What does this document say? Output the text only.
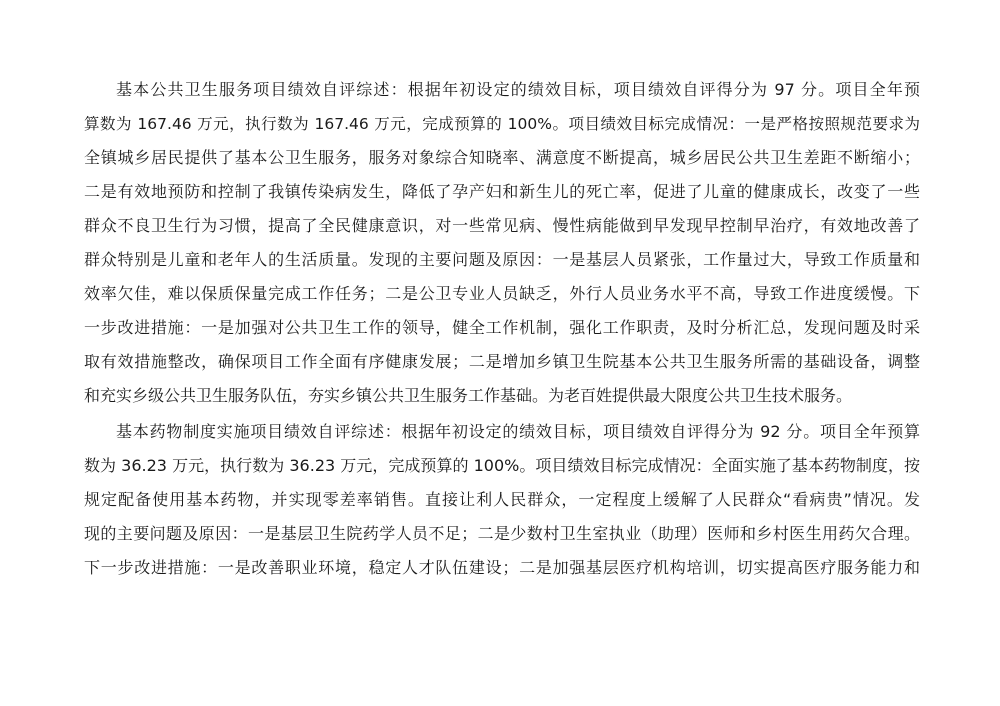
基本公共卫生服务项目绩效自评综述：根据年初设定的绩效目标，项目绩效自评得分为 97 分。项目全年预
算数为 167.46 万元，执行数为 167.46 万元，完成预算的 100%。项目绩效目标完成情况：一是严格按照规范要求为
全镇城乡居民提供了基本公卫生服务，服务对象综合知晓率、满意度不断提高，城乡居民公共卫生差距不断缩小；
二是有效地预防和控制了我镇传染病发生，降低了孕产妇和新生儿的死亡率，促进了儿童的健康成长，改变了一些
群众不良卫生行为习惯，提高了全民健康意识，对一些常见病、慢性病能做到早发现早控制早治疗，有效地改善了
群众特别是儿童和老年人的生活质量。发现的主要问题及原因：一是基层人员紧张，工作量过大，导致工作质量和
效率欠佳，难以保质保量完成工作任务；二是公卫专业人员缺乏，外行人员业务水平不高，导致工作进度缓慢。下
一步改进措施：一是加强对公共卫生工作的领导，健全工作机制，强化工作职责，及时分析汇总，发现问题及时采
取有效措施整改，确保项目工作全面有序健康发展；二是增加乡镇卫生院基本公共卫生服务所需的基础设备，调整
和充实乡级公共卫生服务队伍，夯实乡镇公共卫生服务工作基础。为老百姓提供最大限度公共卫生技术服务。
基本药物制度实施项目绩效自评综述：根据年初设定的绩效目标，项目绩效自评得分为 92 分。项目全年预算
数为 36.23 万元，执行数为 36.23 万元，完成预算的 100%。项目绩效目标完成情况：全面实施了基本药物制度，按
规定配备使用基本药物，并实现零差率销售。直接让利人民群众，一定程度上缓解了人民群众“看病贵”情况。发
现的主要问题及原因：一是基层卫生院药学人员不足；二是少数村卫生室执业（助理）医师和乡村医生用药欠合理。
下一步改进措施：一是改善职业环境，稳定人才队伍建设；二是加强基层医疗机构培训，切实提高医疗服务能力和
